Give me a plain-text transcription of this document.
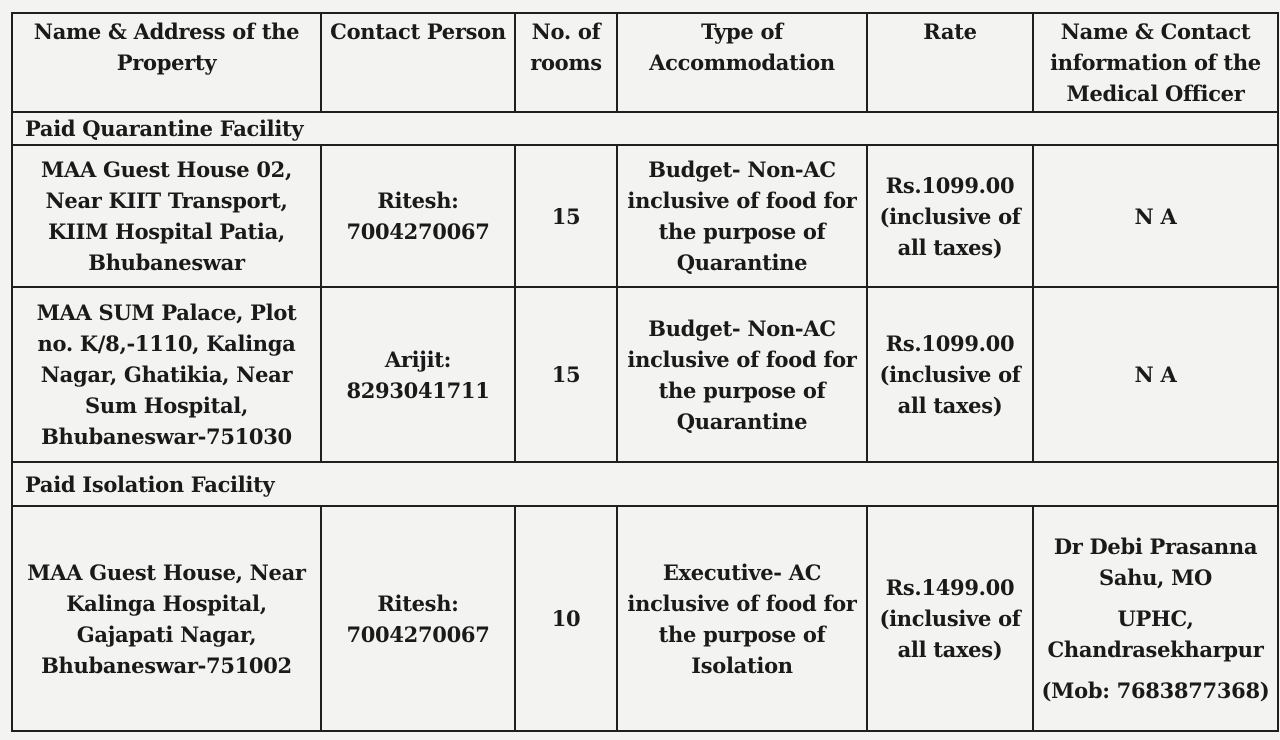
Name & Address of the Property	Contact Person	No. of rooms	Type of Accommodation	Rate	Name & Contact information of the Medical Officer
Paid Quarantine Facility					
MAA Guest House 02, Near KIIT Transport, KIIM Hospital Patia, Bhubaneswar	Ritesh: 7004270067	15	Budget- Non-AC inclusive of food for the purpose of Quarantine	Rs.1099.00 (inclusive of all taxes)	N A
MAA SUM Palace, Plot no. K/8,-1110, Kalinga Nagar, Ghatikia, Near Sum Hospital, Bhubaneswar-751030	Arijit: 8293041711	15	Budget- Non-AC inclusive of food for the purpose of Quarantine	Rs.1099.00 (inclusive of all taxes)	N A
Paid Isolation Facility					
MAA Guest House, Near Kalinga Hospital, Gajapati Nagar, Bhubaneswar-751002	Ritesh: 7004270067	10	Executive- AC inclusive of food for the purpose of Isolation	Rs.1499.00 (inclusive of all taxes)	Dr Debi Prasanna Sahu, MO
UPHC, Chandrasekharpur
(Mob: 7683877368)
